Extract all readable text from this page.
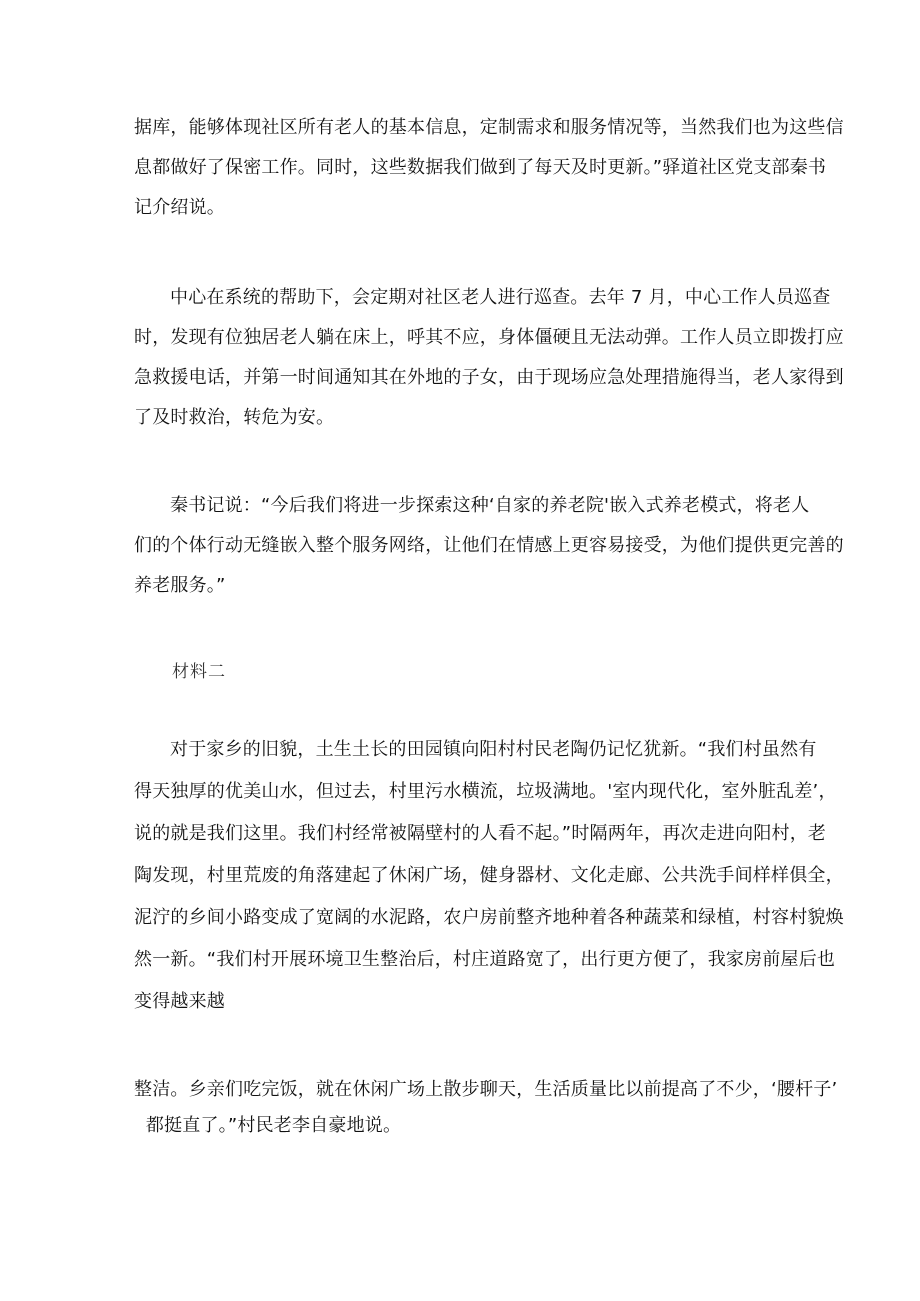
据库，能够体现社区所有老人的基本信息，定制需求和服务情况等，当然我们也为这些信
息都做好了保密工作。同时，这些数据我们做到了每天及时更新。”驿道社区党支部秦书
记介绍说。
中心在系统的帮助下，会定期对社区老人进行巡查。去年 7 月，中心工作人员巡查
时，发现有位独居老人躺在床上，呼其不应，身体僵硬且无法动弹。工作人员立即拨打应
急救援电话，并第一时间通知其在外地的子女，由于现场应急处理措施得当，老人家得到
了及时救治，转危为安。
秦书记说：“今后我们将进一步探索这种‘自家的养老院'嵌入式养老模式，将老人
们的个体行动无缝嵌入整个服务网络，让他们在情感上更容易接受，为他们提供更完善的
养老服务。”
材料二
对于家乡的旧貌，土生土长的田园镇向阳村村民老陶仍记忆犹新。“我们村虽然有
得天独厚的优美山水，但过去，村里污水横流，垃圾满地。'室内现代化，室外脏乱差’，
说的就是我们这里。我们村经常被隔壁村的人看不起。”时隔两年，再次走进向阳村，老
陶发现，村里荒废的角落建起了休闲广场，健身器材、文化走廊、公共洗手间样样俱全，
泥泞的乡间小路变成了宽阔的水泥路，农户房前整齐地种着各种蔬菜和绿植，村容村貌焕
然一新。“我们村开展环境卫生整治后，村庄道路宽了，出行更方便了，我家房前屋后也
变得越来越
整洁。乡亲们吃完饭，就在休闲广场上散步聊天，生活质量比以前提高了不少，‘腰杆子’
都挺直了。”村民老李自豪地说。
